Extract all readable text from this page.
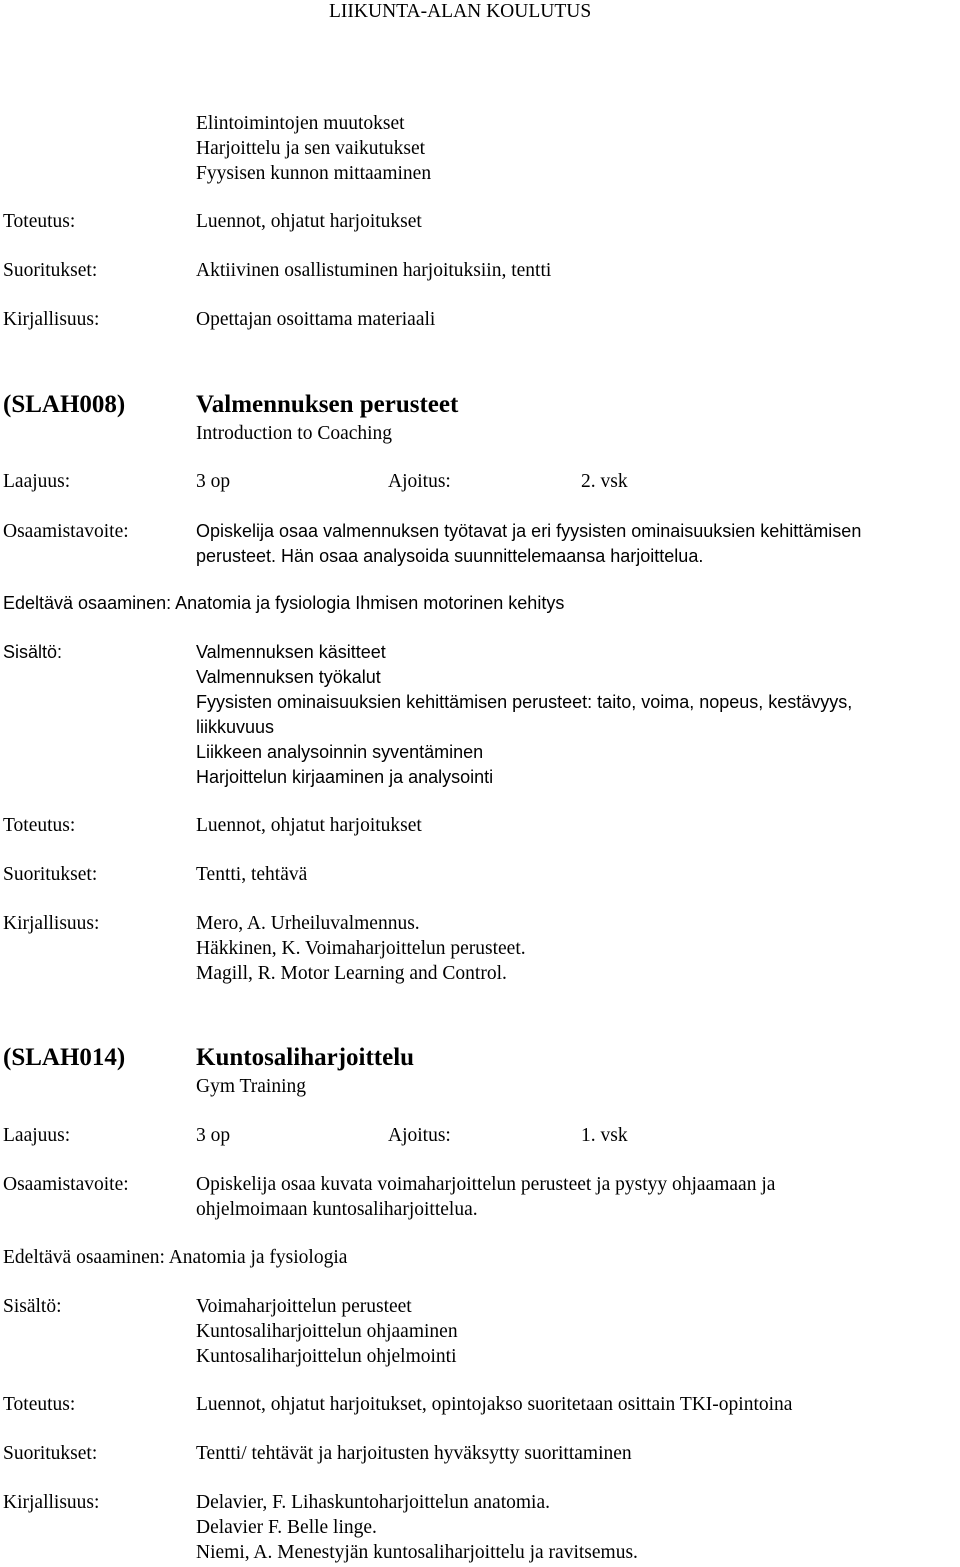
LIIKUNTA-ALAN KOULUTUS
Elintoimintojen muutokset
Harjoittelu ja sen vaikutukset
Fyysisen kunnon mittaaminen
Toteutus:	Luennot, ohjatut harjoitukset
Suoritukset:	Aktiivinen osallistuminen harjoituksiin, tentti
Kirjallisuus:	Opettajan osoittama materiaali
(SLAH008)	Valmennuksen perusteet
Introduction to Coaching
Laajuus:	3 op	Ajoitus:	2. vsk
Osaamistavoite:	Opiskelija osaa valmennuksen työtavat ja eri fyysisten ominaisuuksien kehittämisen
perusteet. Hän osaa analysoida suunnittelemaansa harjoittelua.
Edeltävä osaaminen: Anatomia ja fysiologia Ihmisen motorinen kehitys
Sisältö:	Valmennuksen käsitteet
Valmennuksen työkalut
Fyysisten ominaisuuksien kehittämisen perusteet: taito, voima, nopeus, kestävyys,
liikkuvuus
Liikkeen analysoinnin syventäminen
Harjoittelun kirjaaminen ja analysointi
Toteutus:	Luennot, ohjatut harjoitukset
Suoritukset:	Tentti, tehtävä
Kirjallisuus:	Mero, A. Urheiluvalmennus.
Häkkinen, K. Voimaharjoittelun perusteet.
Magill, R. Motor Learning and Control.
(SLAH014)	Kuntosaliharjoittelu
Gym Training
Laajuus:	3 op	Ajoitus:	1. vsk
Osaamistavoite:	Opiskelija osaa kuvata voimaharjoittelun perusteet ja pystyy ohjaamaan ja
ohjelmoimaan kuntosaliharjoittelua.
Edeltävä osaaminen: Anatomia ja fysiologia
Sisältö:	Voimaharjoittelun perusteet
Kuntosaliharjoittelun ohjaaminen
Kuntosaliharjoittelun ohjelmointi
Toteutus:	Luennot, ohjatut harjoitukset, opintojakso suoritetaan osittain TKI-opintoina
Suoritukset:	Tentti/ tehtävät ja harjoitusten hyväksytty suorittaminen
Kirjallisuus:	Delavier, F. Lihaskuntoharjoittelun anatomia.
Delavier F. Belle linge.
Niemi, A. Menestyjän kuntosaliharjoittelu ja ravitsemus.
